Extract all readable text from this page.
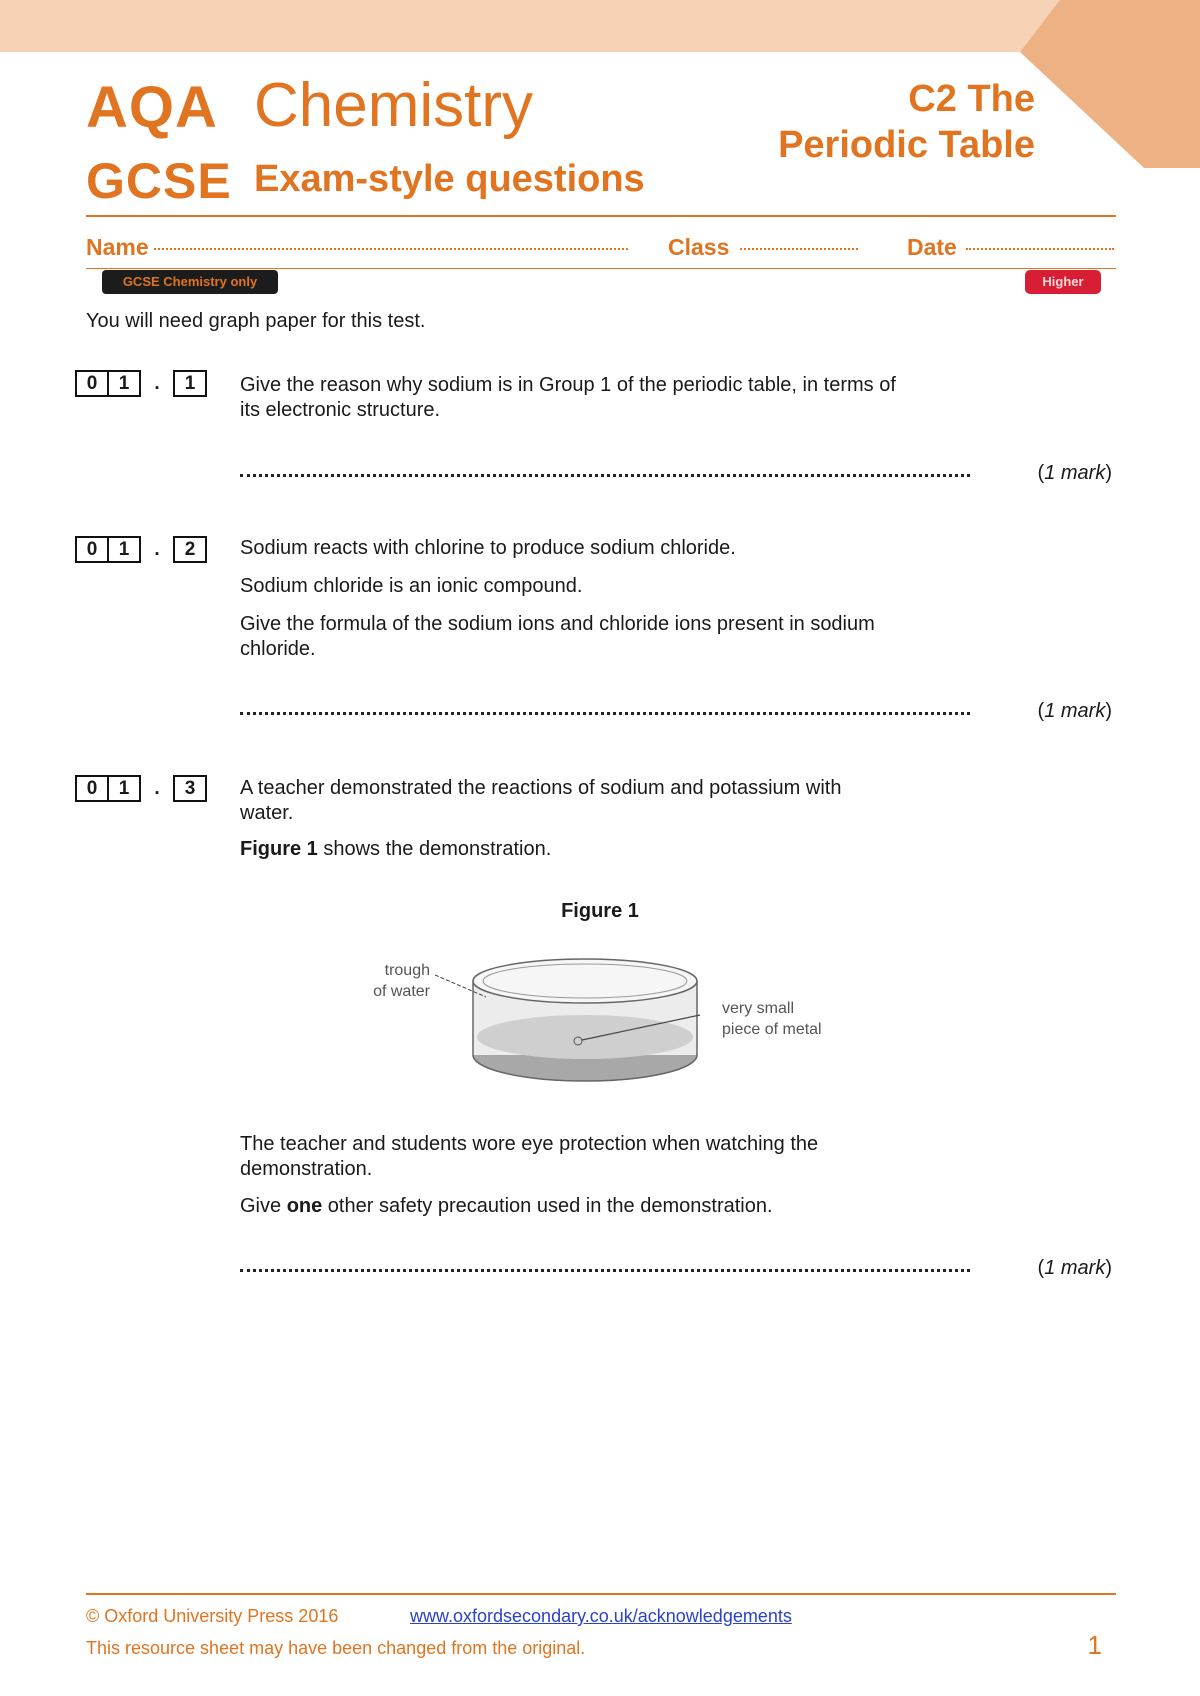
AQA Chemistry
GCSE Exam-style questions
C2 The
Periodic Table
Name	Class	Date
GCSE Chemistry only	Higher
You will need graph paper for this test.
0	1	.	1	Give the reason why sodium is in Group 1 of the periodic table, in terms of its electronic structure.

(1 mark)
0	1	.	2	Sodium reacts with chlorine to produce sodium chloride.

Sodium chloride is an ionic compound.

Give the formula of the sodium ions and chloride ions present in sodium chloride.

(1 mark)
0	1	.	3	A teacher demonstrated the reactions of sodium and potassium with water.

Figure 1 shows the demonstration.

Figure 1
trough
of water
very small
piece of metal

The teacher and students wore eye protection when watching the demonstration.

Give one other safety precaution used in the demonstration.

(1 mark)
© Oxford University Press 2016	www.oxfordsecondary.co.uk/acknowledgements
This resource sheet may have been changed from the original.	1
